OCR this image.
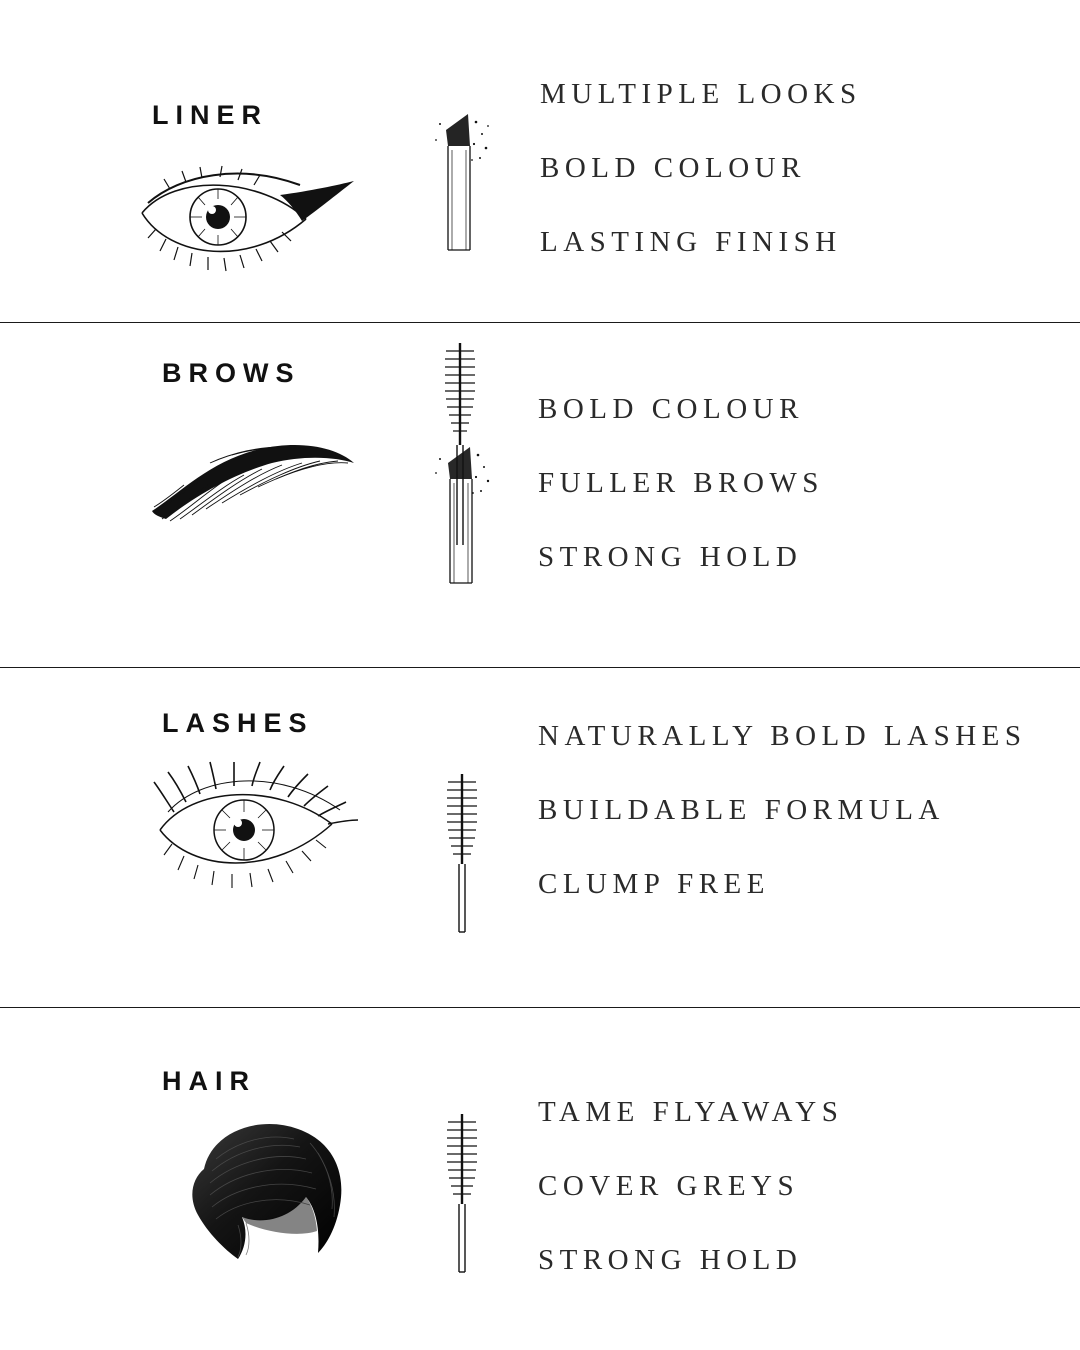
LINER
MULTIPLE LOOKS
BOLD COLOUR
LASTING FINISH
BROWS
BOLD COLOUR
FULLER BROWS
STRONG HOLD
LASHES	NATURALLY BOLD LASHES
BUILDABLE FORMULA
CLUMP FREE
HAIR
TAME FLYAWAYS
COVER GREYS
STRONG HOLD
